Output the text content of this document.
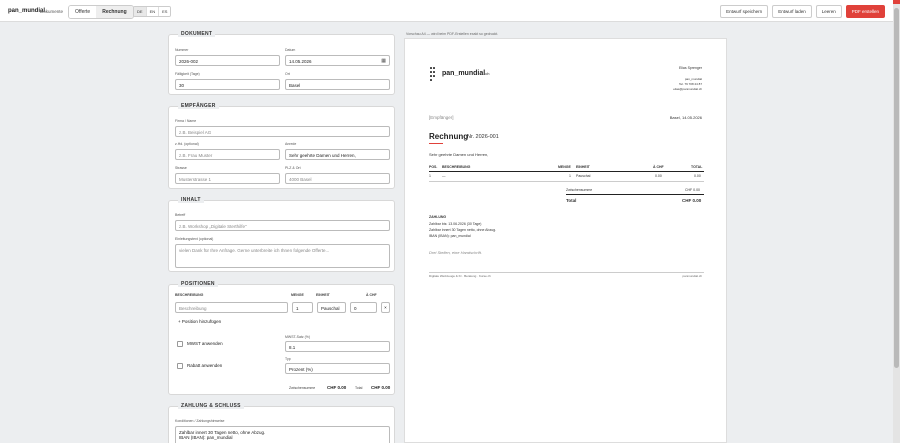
pan_mundial
Dokumente	Offerte	Rechnung	DE	EN	ES	Entwurf speichern	Entwurf laden	Leeren	PDF erstellen
DOKUMENT
Nummer
2026-002
Datum
14.05.2026	▦
Fälligkeit (Tage)
30
Ort
Basel
EMPFÄNGER
Firma / Name
z.B. Beispiel AG
z.Hd. (optional)
z.B. Frau Muster
Anrede
Sehr geehrte Damen und Herren,
Strasse
Musterstrasse 1
PLZ & Ort
4000 Basel
INHALT
Betreff
z.B. Workshop „Digitale Sterthilfe"
Einleitungstext (optional)
vielen Dank für Ihre Anfrage. Gerne unterbreite ich Ihnen folgende Offerte...
POSITIONEN
BESCHREIBUNG	MENGE	EINHEIT	À CHF
Beschreibung	1	Pauschal	0	×
+ Position hinzufügen
MWST anwenden
MWST-Satz (%)
8.1
Rabatt anwenden
Typ
Prozent (%)
Zwischensumme	CHF 0.00 Total CHF 0.00
ZAHLUNG & SCHLUSS
Konditionen / Zahlungshinweise
Zahlbar innert 30 Tagen netto, ohne Abzug.
IBAN (IBAN): pan_mundial
Vorschau A4 — wird beim PDF-Erstellen exakt so gedruckt.
Elias Sprenger
pan_mundial
Tel. 79 708 24 87
elias@panmundial.ch
pan_mundialch
[Empfänger]	Basel, 14.05.2026
Rechnung
Nr. 2026-001
Sehr geehrte Damen und Herren,
POS. BESCHREIBUNG	MENGE EINHEIT	À CHF	TOTAL
1	—	1 Pauschal	0.00	0.00
Zwischensumme	CHF 0.00
Total	CHF 0.00
ZAHLUNG
Zahlbar bis: 13.06.2026 (30 Tage)
Zahlbar innert 30 Tagen netto, ohne Abzug.
IBAN (IBAN): pan_mundial
Drei Stellen, eine Handschrift.
Digitale Werkzeuge & KI · Beratung · Kurse ch	panmundial.ch
